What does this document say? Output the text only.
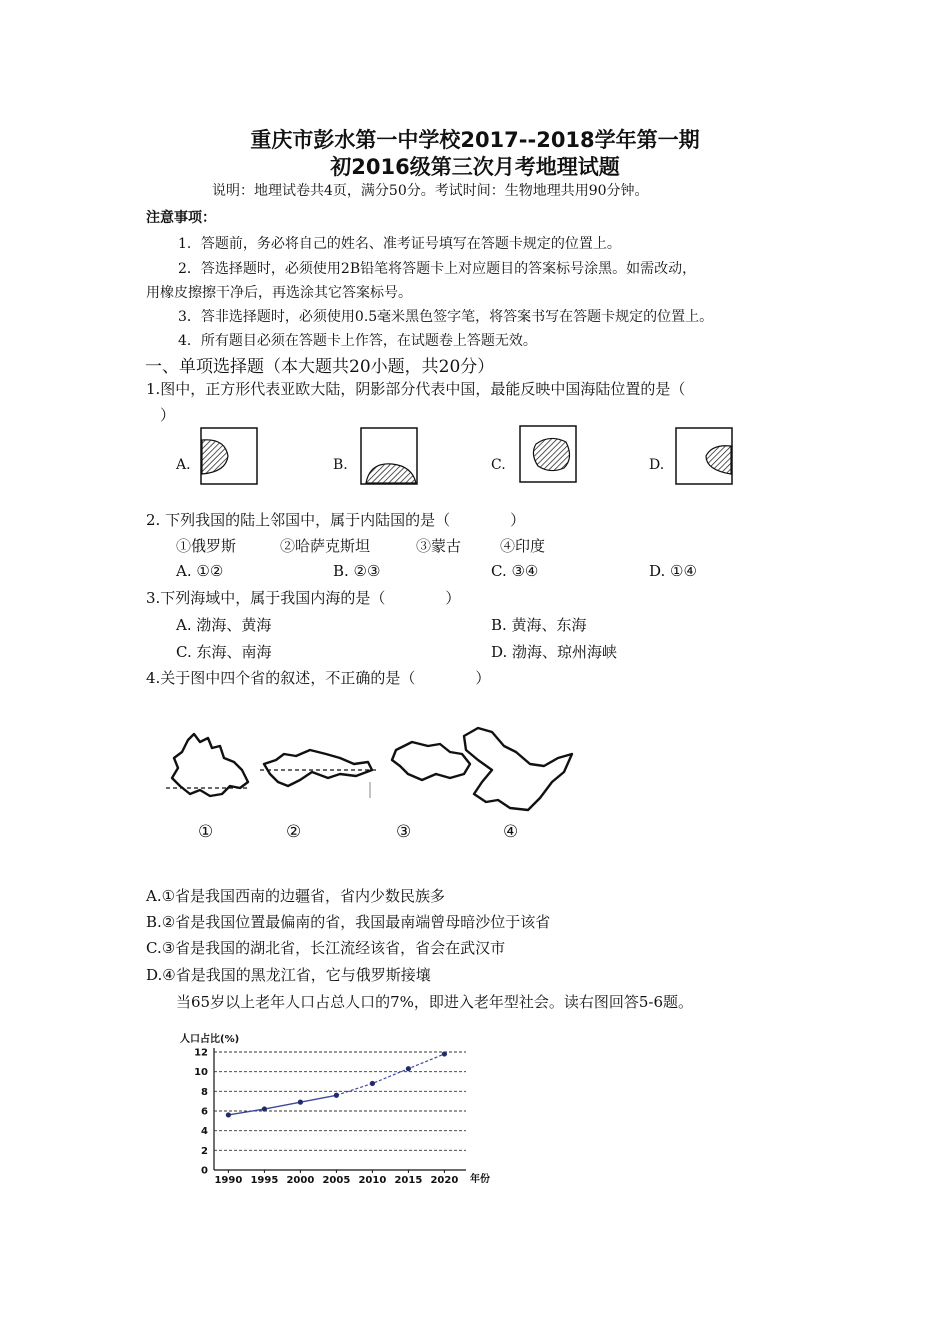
重庆市彭水第一中学校2017--2018学年第一期
初2016级第三次月考地理试题
说明：地理试卷共4页，满分50分。考试时间：生物地理共用90分钟。
注意事项：
1．答题前，务必将自己的姓名、准考证号填写在答题卡规定的位置上。
2．答选择题时，必须使用2B铅笔将答题卡上对应题目的答案标号涂黑。如需改动，
用橡皮擦擦干净后，再选涂其它答案标号。
3．答非选择题时，必须使用0.5毫米黑色签字笔，将答案书写在答题卡规定的位置上。
4．所有题目必须在答题卡上作答，在试题卷上答题无效。
一、单项选择题（本大题共20小题，共20分）
1.图中，正方形代表亚欧大陆，阴影部分代表中国，最能反映中国海陆位置的是（
）
A.	B.	C.	D.
2. 下列我国的陆上邻国中，属于内陆国的是（　　　　）
①俄罗斯	②哈萨克斯坦	③蒙古	④印度
A. ①②	B. ②③	C. ③④	D. ①④
3.下列海域中，属于我国内海的是（　　　　）
A. 渤海、黄海	B. 黄海、东海
C. 东海、南海	D. 渤海、琼州海峡
4.关于图中四个省的叙述，不正确的是（　　　　）
①	②	③	④
A.①省是我国西南的边疆省，省内少数民族多
B.②省是我国位置最偏南的省，我国最南端曾母暗沙位于该省
C.③省是我国的湖北省，长江流经该省，省会在武汉市
D.④省是我国的黑龙江省，它与俄罗斯接壤
当65岁以上老年人口占总人口的7%，即进入老年型社会。读右图回答5-6题。
人口占比(%)
0
2
4
6
8
10
12
1990 1995 2000 2005 2010 2015 2020 年份
